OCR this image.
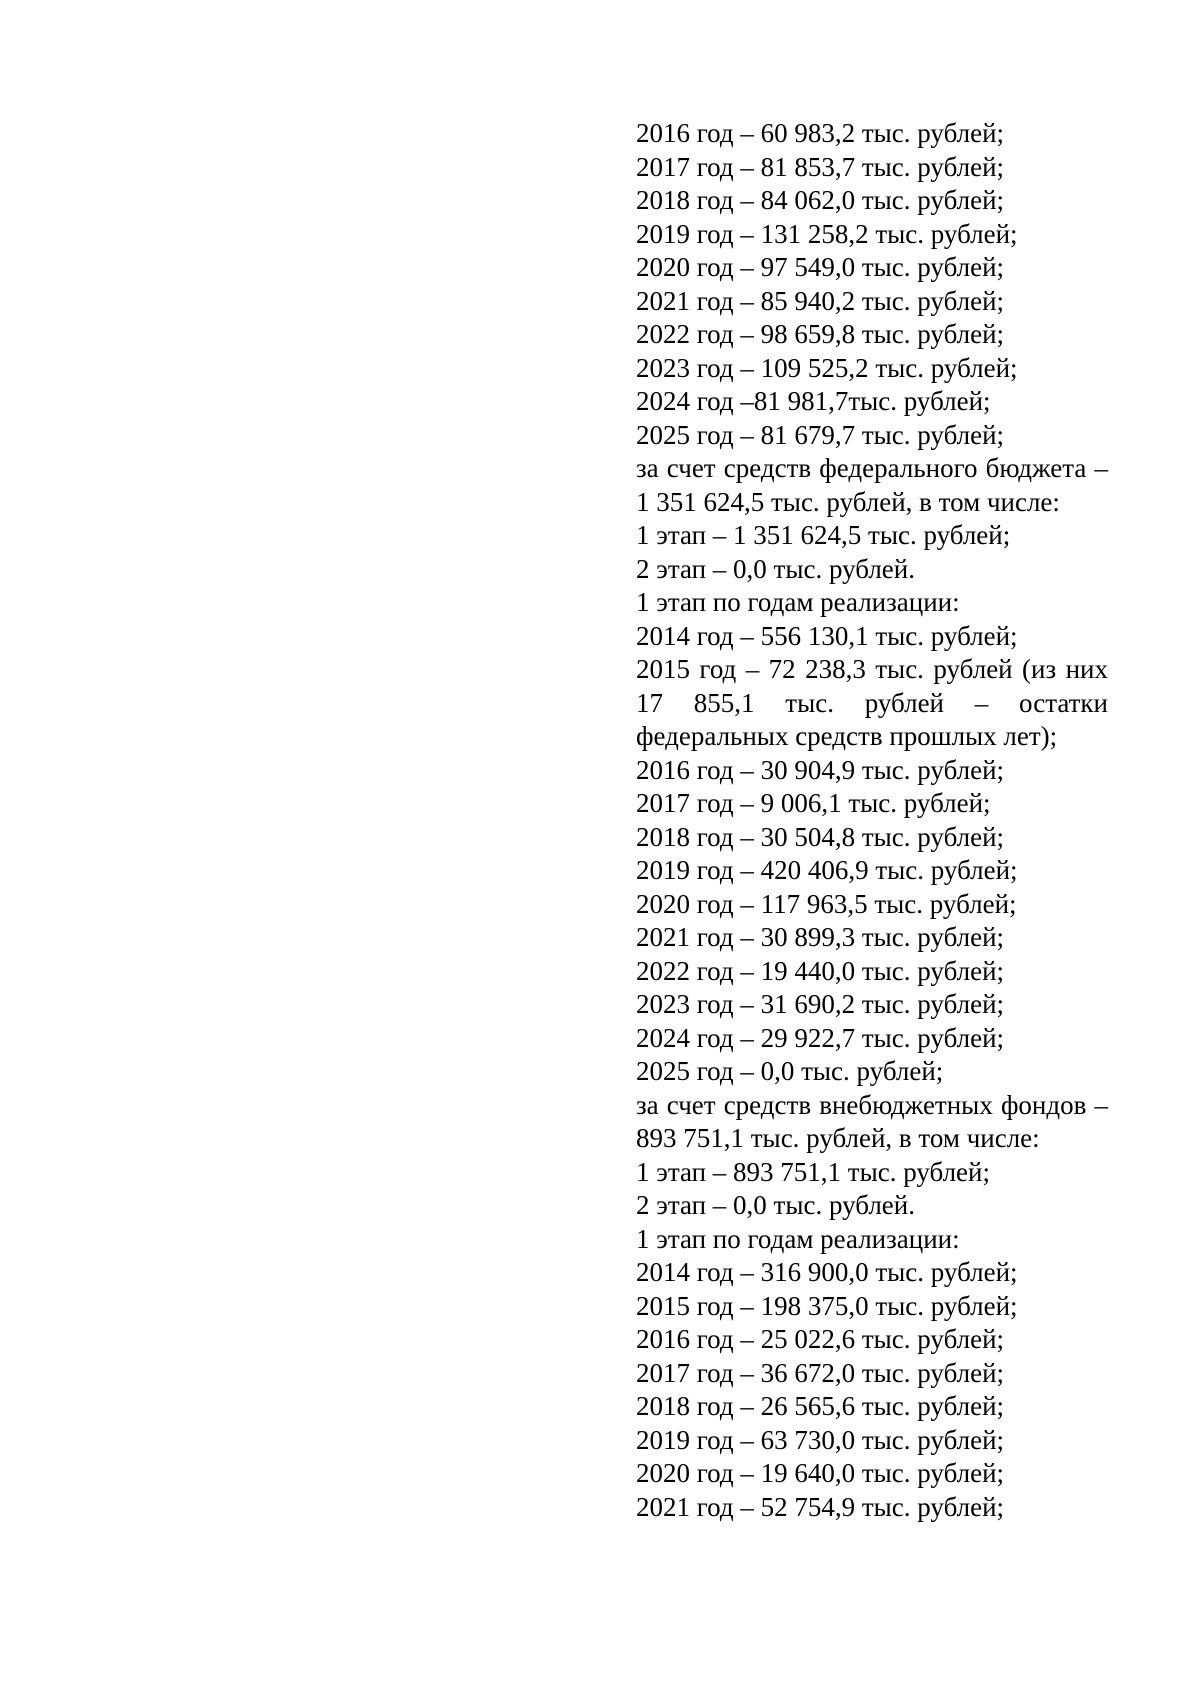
2016 год – 60 983,2 тыс. рублей;

2017 год – 81 853,7 тыс. рублей;

2018 год – 84 062,0 тыс. рублей;

2019 год – 131 258,2 тыс. рублей;

2020 год – 97 549,0 тыс. рублей;

2021 год – 85 940,2 тыс. рублей;

2022 год – 98 659,8 тыс. рублей;

2023 год – 109 525,2 тыс. рублей;

2024 год –81 981,7тыс. рублей;

2025 год – 81 679,7 тыс. рублей;

за счет средств федерального бюджета – 1 351 624,5 тыс. рублей, в том числе:

1 этап – 1 351 624,5 тыс. рублей;

2 этап – 0,0 тыс. рублей.

1 этап по годам реализации:

2014 год – 556 130,1 тыс. рублей;

2015 год – 72 238,3 тыс. рублей (из них 17 855,1 тыс. рублей – остатки федеральных средств прошлых лет);

2016 год – 30 904,9 тыс. рублей;

2017 год – 9 006,1 тыс. рублей;

2018 год – 30 504,8 тыс. рублей;

2019 год – 420 406,9 тыс. рублей;

2020 год – 117 963,5 тыс. рублей;

2021 год – 30 899,3 тыс. рублей;

2022 год – 19 440,0 тыс. рублей;

2023 год – 31 690,2 тыс. рублей;

2024 год – 29 922,7 тыс. рублей;

2025 год – 0,0 тыс. рублей;

за счет средств внебюджетных фондов – 893 751,1 тыс. рублей, в том числе:

1 этап – 893 751,1 тыс. рублей;

2 этап – 0,0 тыс. рублей.

1 этап по годам реализации:

2014 год – 316 900,0 тыс. рублей;

2015 год – 198 375,0 тыс. рублей;

2016 год – 25 022,6 тыс. рублей;

2017 год – 36 672,0 тыс. рублей;

2018 год – 26 565,6 тыс. рублей;

2019 год – 63 730,0 тыс. рублей;

2020 год – 19 640,0 тыс. рублей;

2021 год – 52 754,9 тыс. рублей;
